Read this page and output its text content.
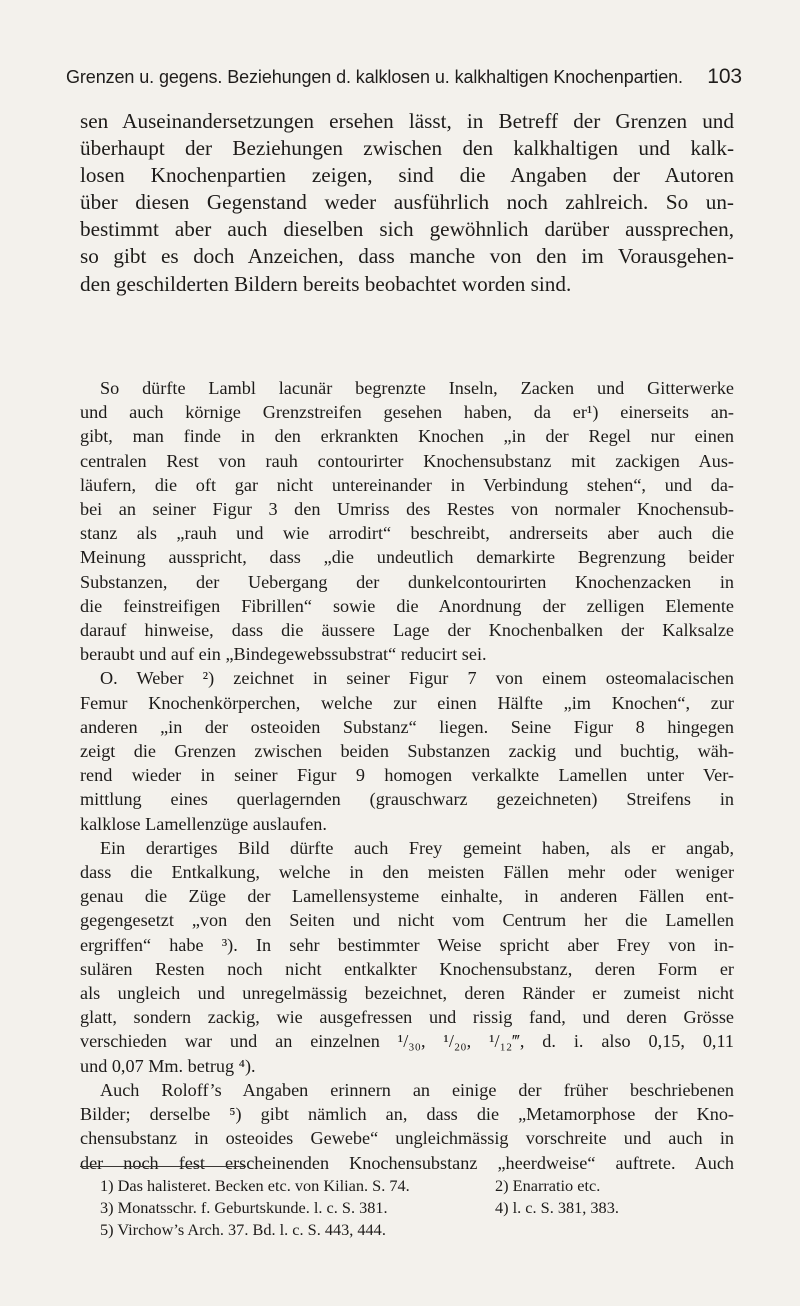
Grenzen u. gegens. Beziehungen d. kalklosen u. kalkhaltigen Knochenpartien. 103
sen Auseinandersetzungen ersehen lässt, in Betreff der Grenzen und
überhaupt der Beziehungen zwischen den kalkhaltigen und kalk-
losen Knochenpartien zeigen, sind die Angaben der Autoren
über diesen Gegenstand weder ausführlich noch zahlreich. So un-
bestimmt aber auch dieselben sich gewöhnlich darüber aussprechen,
so gibt es doch Anzeichen, dass manche von den im Vorausgehen-
den geschilderten Bildern bereits beobachtet worden sind.

So dürfte Lambl lacunär begrenzte Inseln, Zacken und Gitterwerke
und auch körnige Grenzstreifen gesehen haben, da er¹) einerseits an-
gibt, man finde in den erkrankten Knochen „in der Regel nur einen
centralen Rest von rauh contourirter Knochensubstanz mit zackigen Aus-
läufern, die oft gar nicht untereinander in Verbindung stehen“, und da-
bei an seiner Figur 3 den Umriss des Restes von normaler Knochensub-
stanz als „rauh und wie arrodirt“ beschreibt, andrerseits aber auch die
Meinung ausspricht, dass „die undeutlich demarkirte Begrenzung beider
Substanzen, der Uebergang der dunkelcontourirten Knochenzacken in
die feinstreifigen Fibrillen“ sowie die Anordnung der zelligen Elemente
darauf hinweise, dass die äussere Lage der Knochenbalken der Kalksalze
beraubt und auf ein „Bindegewebssubstrat“ reducirt sei.

O. Weber ²) zeichnet in seiner Figur 7 von einem osteomalacischen
Femur Knochenkörperchen, welche zur einen Hälfte „im Knochen“, zur
anderen „in der osteoiden Substanz“ liegen. Seine Figur 8 hingegen
zeigt die Grenzen zwischen beiden Substanzen zackig und buchtig, wäh-
rend wieder in seiner Figur 9 homogen verkalkte Lamellen unter Ver-
mittlung eines querlagernden (grauschwarz gezeichneten) Streifens in
kalklose Lamellenzüge auslaufen.

Ein derartiges Bild dürfte auch Frey gemeint haben, als er angab,
dass die Entkalkung, welche in den meisten Fällen mehr oder weniger
genau die Züge der Lamellensysteme einhalte, in anderen Fällen ent-
gegengesetzt „von den Seiten und nicht vom Centrum her die Lamellen
ergriffen“ habe ³). In sehr bestimmter Weise spricht aber Frey von in-
sulären Resten noch nicht entkalkter Knochensubstanz, deren Form er
als ungleich und unregelmässig bezeichnet, deren Ränder er zumeist nicht
glatt, sondern zackig, wie ausgefressen und rissig fand, und deren Grösse
verschieden war und an einzelnen ¹/₃₀, ¹/₂₀, ¹/₁₂‴, d. i. also 0,15, 0,11
und 0,07 Mm. betrug ⁴).

Auch Roloff’s Angaben erinnern an einige der früher beschriebenen
Bilder; derselbe ⁵) gibt nämlich an, dass die „Metamorphose der Kno-
chensubstanz in osteoides Gewebe“ ungleichmässig vorschreite und auch in
der noch fest erscheinenden Knochensubstanz „heerdweise“ auftrete. Auch

1) Das halisteret. Becken etc. von Kilian. S. 74.	2) Enarratio etc.
3) Monatsschr. f. Geburtskunde. l. c. S. 381.	4) l. c. S. 381, 383.
5) Virchow’s Arch. 37. Bd. l. c. S. 443, 444.
